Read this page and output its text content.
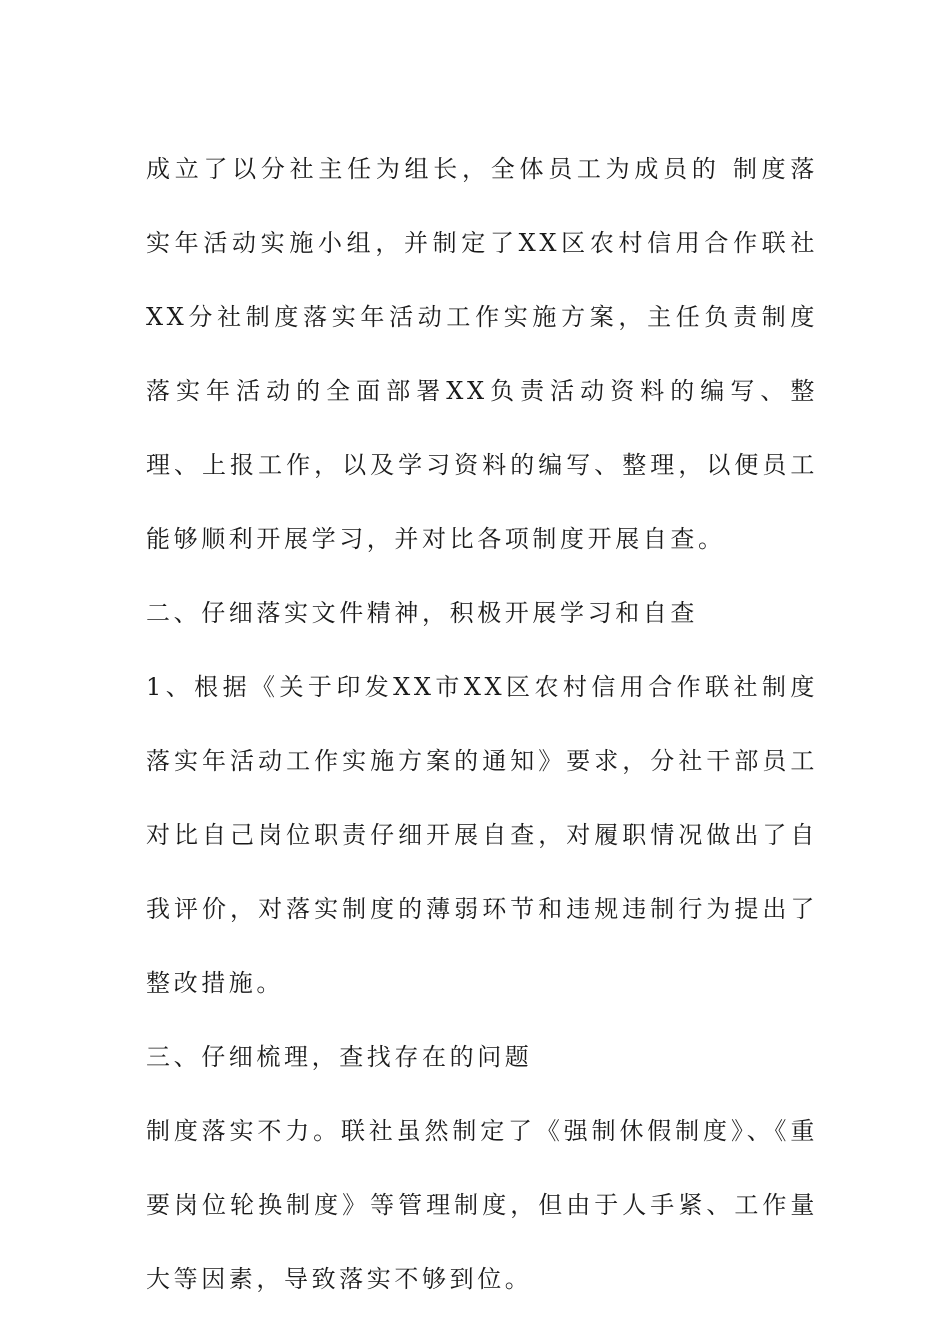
成立了以分社主任为组长，全体员工为成员的 制度落实年活动实施小组，并制定了XX区农村信用合作联社XX分社制度落实年活动工作实施方案，主任负责制度落实年活动的全面部署XX负责活动资料的编写、整理、上报工作，以及学习资料的编写、整理，以便员工能够顺利开展学习，并对比各项制度开展自查。

二、仔细落实文件精神，积极开展学习和自查

1、根据《关于印发XX市XX区农村信用合作联社制度落实年活动工作实施方案的通知》要求，分社干部员工对比自己岗位职责仔细开展自查，对履职情况做出了自我评价，对落实制度的薄弱环节和违规违制行为提出了整改措施。

三、仔细梳理，查找存在的问题

制度落实不力。联社虽然制定了《强制休假制度》、《重要岗位轮换制度》等管理制度，但由于人手紧、工作量大等因素，导致落实不够到位。
